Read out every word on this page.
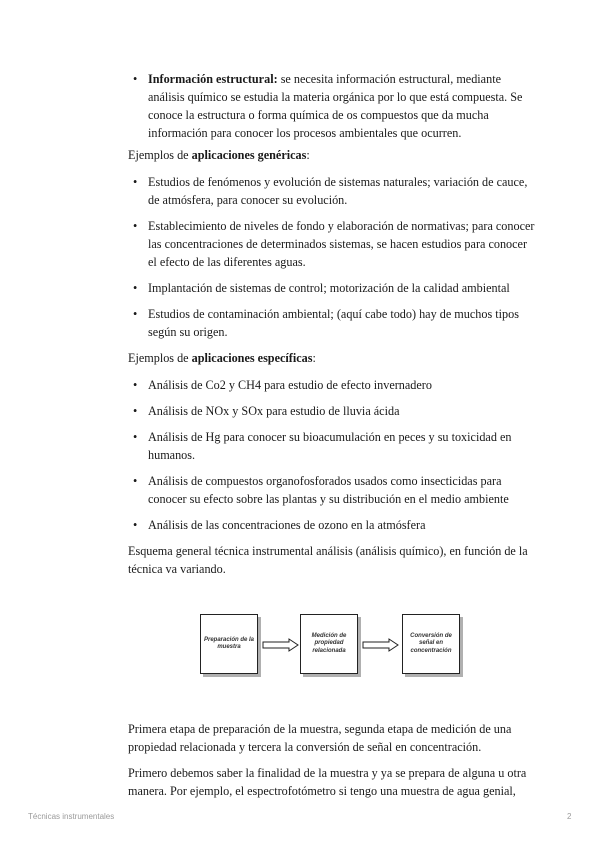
• Información estructural: se necesita información estructural, mediante análisis químico se estudia la materia orgánica por lo que está compuesta. Se conoce la estructura o forma química de os compuestos que da mucha información para conocer los procesos ambientales que ocurren.

Ejemplos de aplicaciones genéricas:

• Estudios de fenómenos y evolución de sistemas naturales; variación de cauce, de atmósfera, para conocer su evolución.
• Establecimiento de niveles de fondo y elaboración de normativas; para conocer las concentraciones de determinados sistemas, se hacen estudios para conocer el efecto de las diferentes aguas.
• Implantación de sistemas de control; motorización de la calidad ambiental
• Estudios de contaminación ambiental; (aquí cabe todo) hay de muchos tipos según su origen.

Ejemplos de aplicaciones específicas:

• Análisis de Co2 y CH4 para estudio de efecto invernadero
• Análisis de NOx y SOx para estudio de lluvia ácida
• Análisis de Hg para conocer su bioacumulación en peces y su toxicidad en humanos.
• Análisis de compuestos organofosforados usados como insecticidas para conocer su efecto sobre las plantas y su distribución en el medio ambiente
• Análisis de las concentraciones de ozono en la atmósfera

Esquema general técnica instrumental análisis (análisis químico), en función de la técnica va variando.

Preparación de la muestra
Medición de propiedad relacionada
Conversión de señal en concentración

Primera etapa de preparación de la muestra, segunda etapa de medición de una propiedad relacionada y tercera la conversión de señal en concentración.

Primero debemos saber la finalidad de la muestra y ya se prepara de alguna u otra manera. Por ejemplo, el espectrofotómetro si tengo una muestra de agua genial,

Técnicas instrumentales	2
